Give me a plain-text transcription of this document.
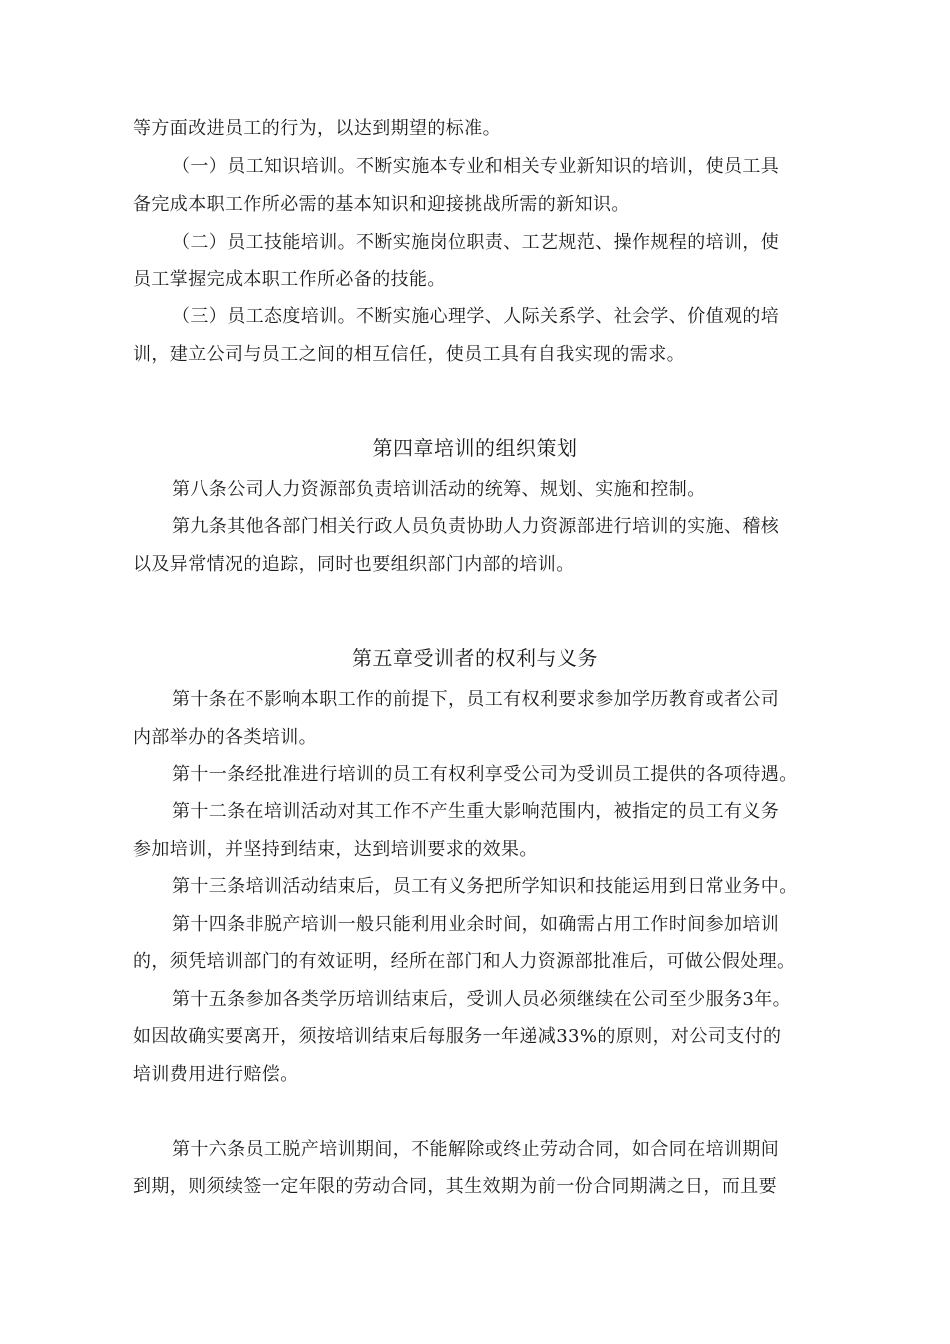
等方面改进员工的行为，以达到期望的标准。
（一）员工知识培训。不断实施本专业和相关专业新知识的培训，使员工具
备完成本职工作所必需的基本知识和迎接挑战所需的新知识。
（二）员工技能培训。不断实施岗位职责、工艺规范、操作规程的培训，使
员工掌握完成本职工作所必备的技能。
（三）员工态度培训。不断实施心理学、人际关系学、社会学、价值观的培
训，建立公司与员工之间的相互信任，使员工具有自我实现的需求。
第四章培训的组织策划
第八条公司人力资源部负责培训活动的统筹、规划、实施和控制。
第九条其他各部门相关行政人员负责协助人力资源部进行培训的实施、稽核
以及异常情况的追踪，同时也要组织部门内部的培训。
第五章受训者的权利与义务
第十条在不影响本职工作的前提下，员工有权利要求参加学历教育或者公司
内部举办的各类培训。
第十一条经批准进行培训的员工有权利享受公司为受训员工提供的各项待遇。
第十二条在培训活动对其工作不产生重大影响范围内，被指定的员工有义务
参加培训，并坚持到结束，达到培训要求的效果。
第十三条培训活动结束后，员工有义务把所学知识和技能运用到日常业务中。
第十四条非脱产培训一般只能利用业余时间，如确需占用工作时间参加培训
的，须凭培训部门的有效证明，经所在部门和人力资源部批准后，可做公假处理。
第十五条参加各类学历培训结束后，受训人员必须继续在公司至少服务3年。
如因故确实要离开，须按培训结束后每服务一年递减33%的原则，对公司支付的
培训费用进行赔偿。
第十六条员工脱产培训期间，不能解除或终止劳动合同，如合同在培训期间
到期，则须续签一定年限的劳动合同，其生效期为前一份合同期满之日，而且要
